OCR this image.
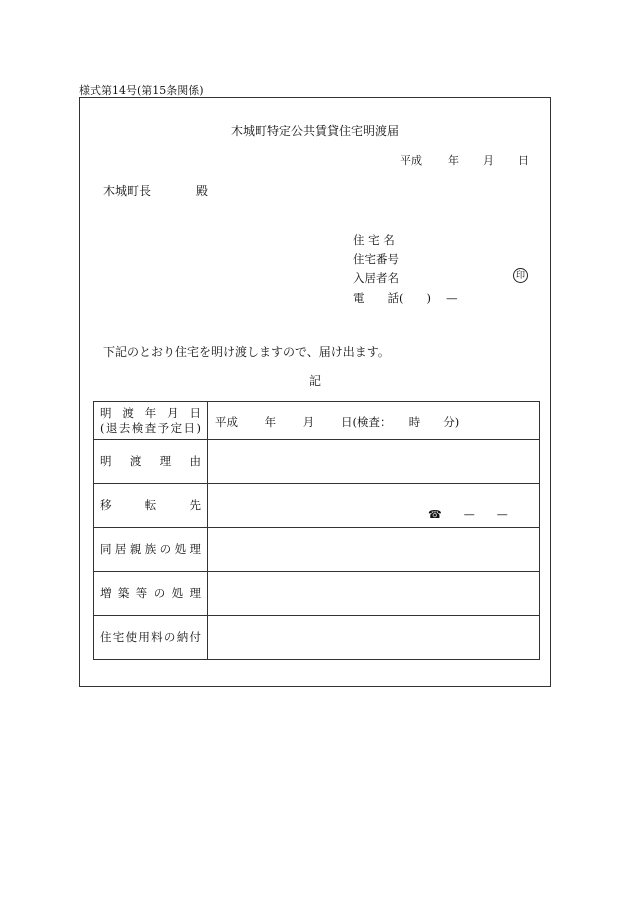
様式第14号(第15条関係)
木城町特定公共賃貸住宅明渡届
平成 年 月 日
木城町長	殿
住 宅 名
住宅番号
入居者名	印
電　　話(　　)　 —
下記のとおり住宅を明け渡しますので、届け出ます。
記
明 渡 年 月 日
(退去検査予定日)	平成　　 年　　 月　　 日(検査：　　時　　分)

明 渡 理 由	

移 転 先	☎　　—　　—

同居親族の処理	

増築等の処理	

住宅使用料の納付	
